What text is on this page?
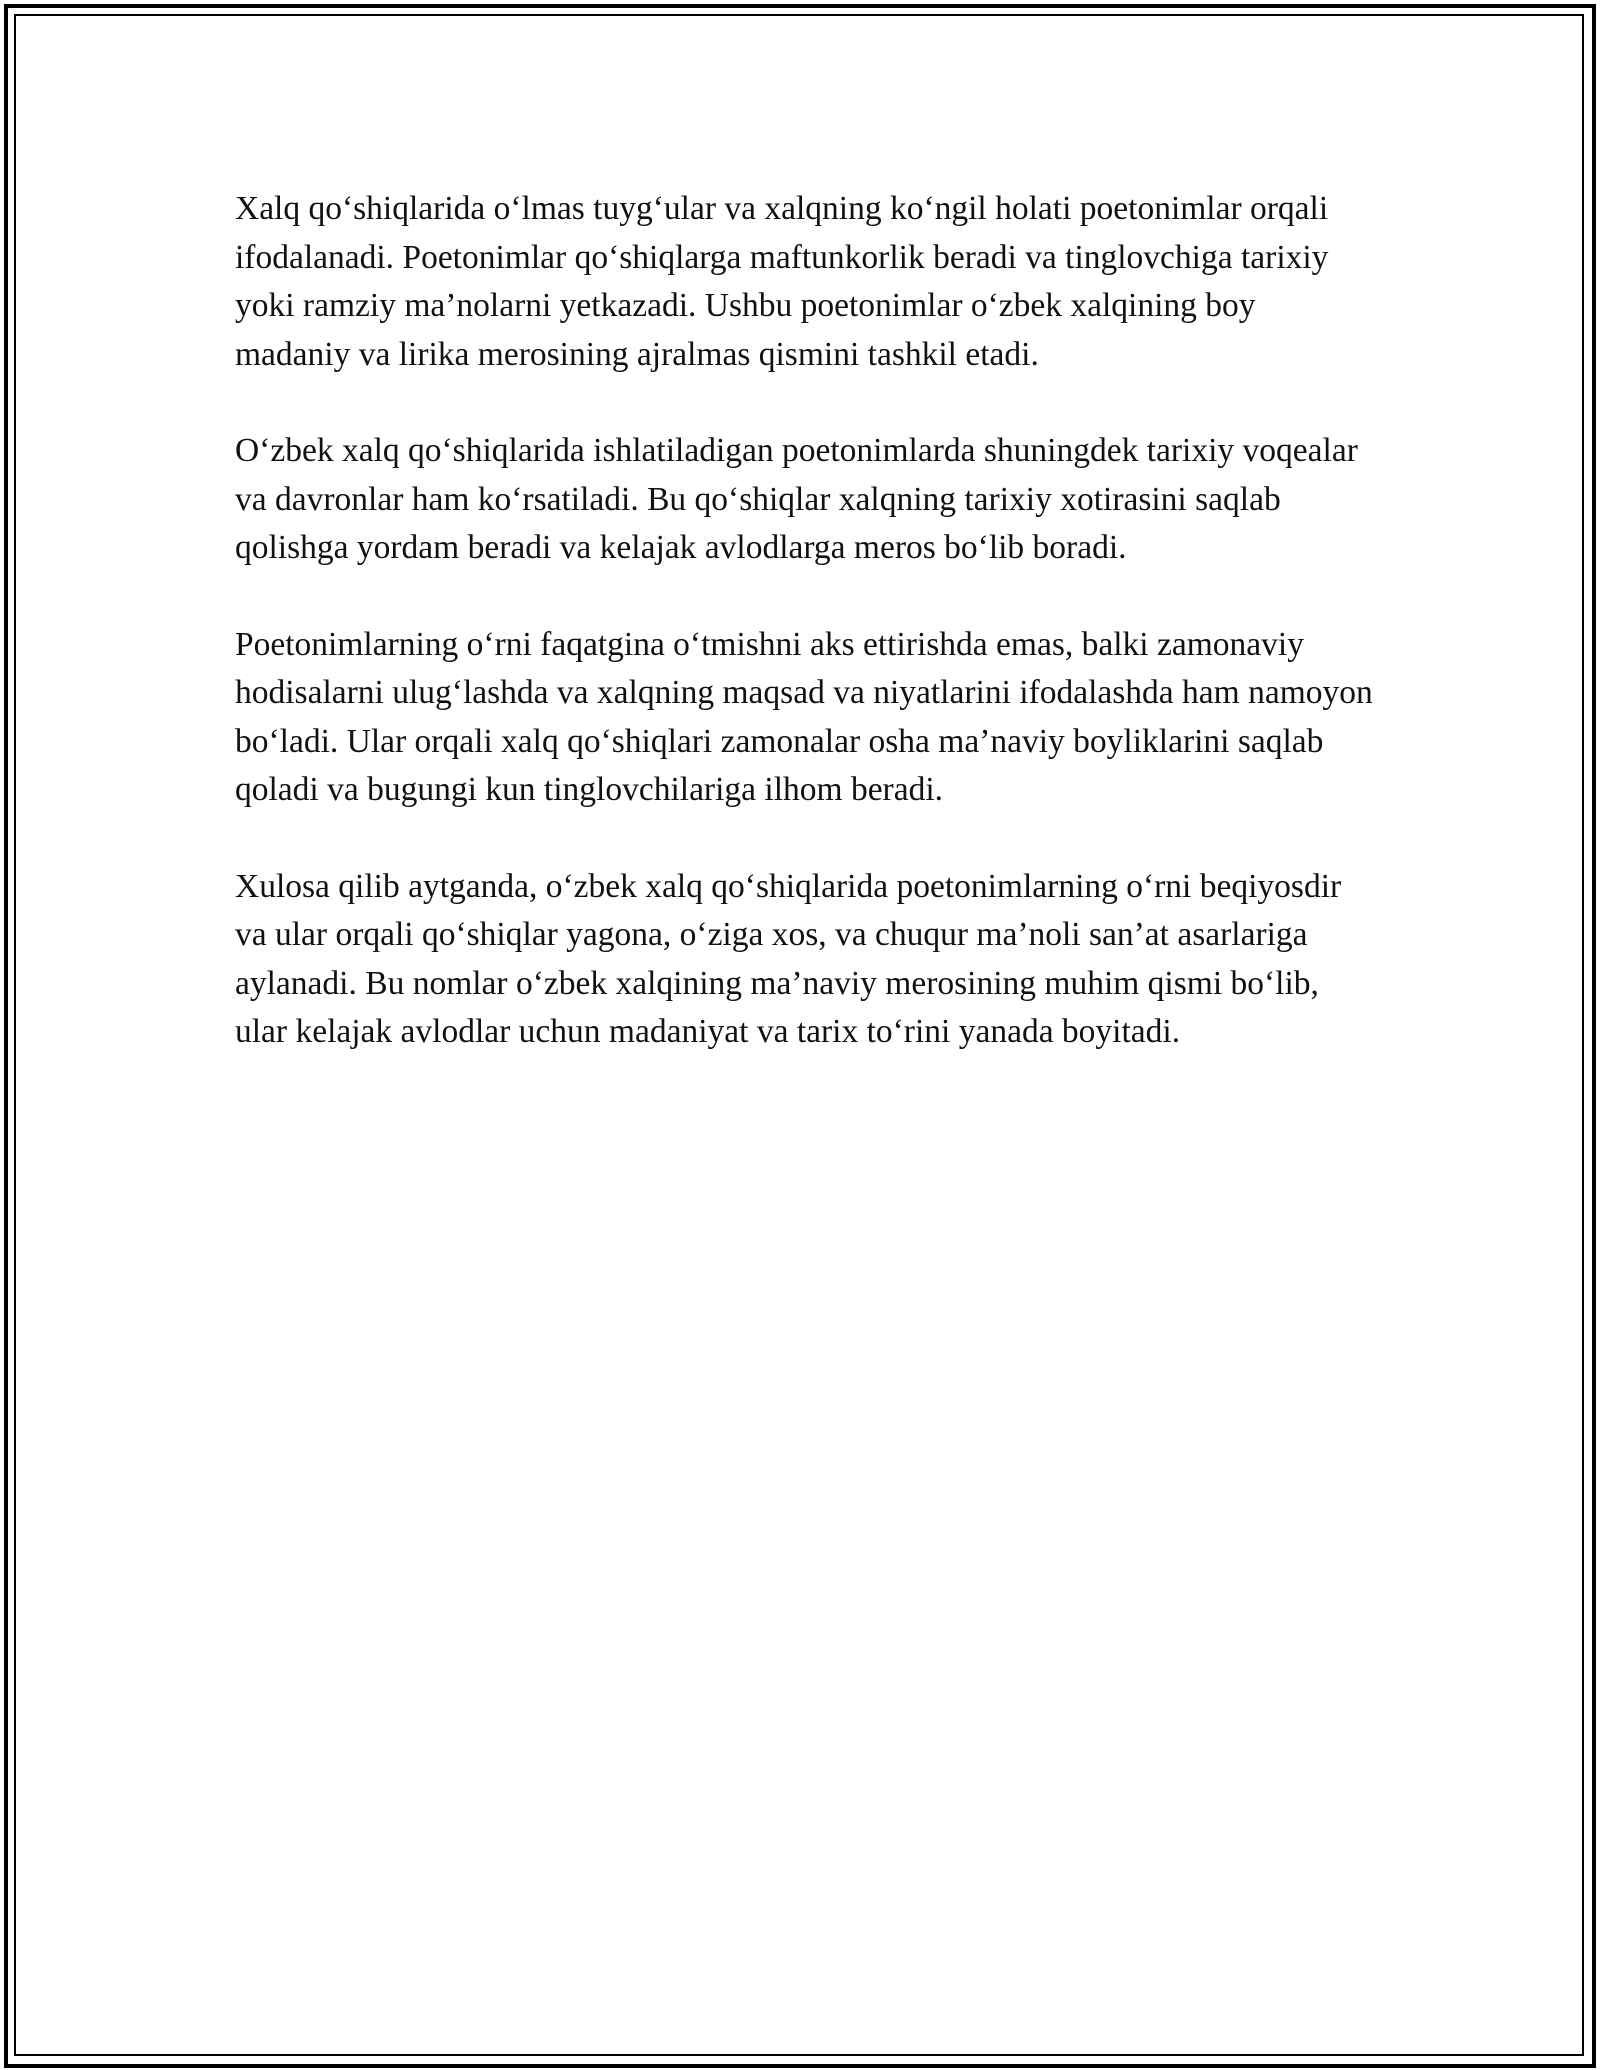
Xalq qo‘shiqlarida o‘lmas tuyg‘ular va xalqning ko‘ngil holati poetonimlar orqali ifodalanadi. Poetonimlar qo‘shiqlarga maftunkorlik beradi va tinglovchiga tarixiy yoki ramziy ma’nolarni yetkazadi. Ushbu poetonimlar o‘zbek xalqining boy madaniy va lirika merosining ajralmas qismini tashkil etadi.

O‘zbek xalq qo‘shiqlarida ishlatiladigan poetonimlarda shuningdek tarixiy voqealar va davronlar ham ko‘rsatiladi. Bu qo‘shiqlar xalqning tarixiy xotirasini saqlab qolishga yordam beradi va kelajak avlodlarga meros bo‘lib boradi.

Poetonimlarning o‘rni faqatgina o‘tmishni aks ettirishda emas, balki zamonaviy hodisalarni ulug‘lashda va xalqning maqsad va niyatlarini ifodalashda ham namoyon bo‘ladi. Ular orqali xalq qo‘shiqlari zamonalar osha ma’naviy boyliklarini saqlab qoladi va bugungi kun tinglovchilariga ilhom beradi.

Xulosa qilib aytganda, o‘zbek xalq qo‘shiqlarida poetonimlarning o‘rni beqiyosdir va ular orqali qo‘shiqlar yagona, o‘ziga xos, va chuqur ma’noli san’at asarlariga aylanadi. Bu nomlar o‘zbek xalqining ma’naviy merosining muhim qismi bo‘lib, ular kelajak avlodlar uchun madaniyat va tarix to‘rini yanada boyitadi.
